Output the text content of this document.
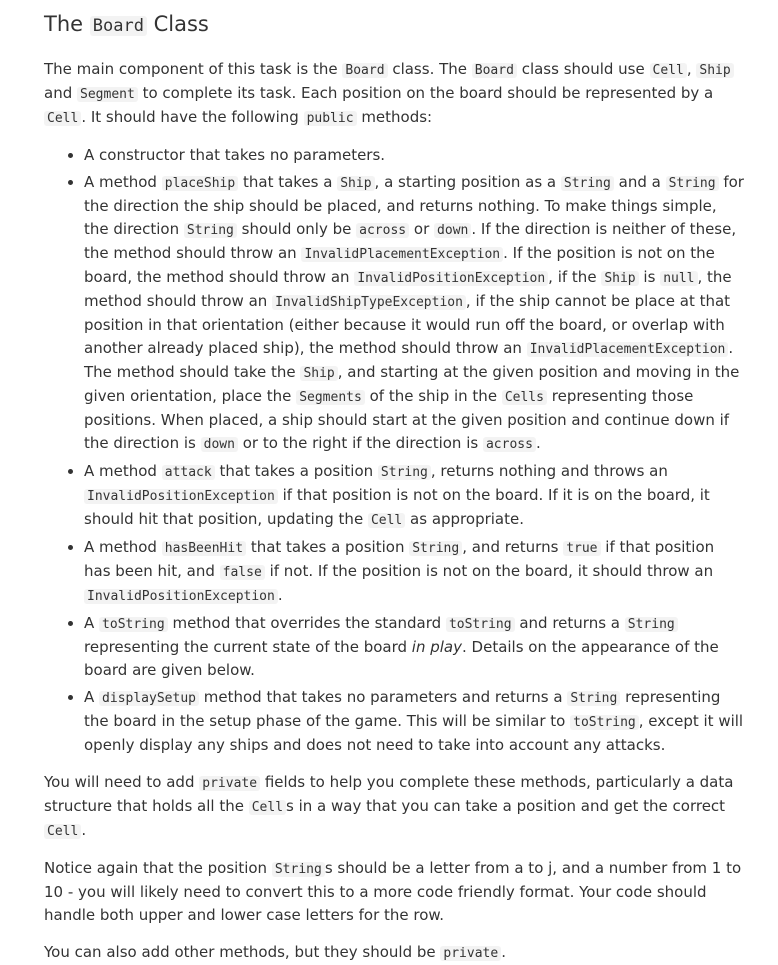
The Board Class

The main component of this task is the Board class. The Board class should use Cell , Ship and Segment to complete its task. Each position on the board should be represented by a Cell . It should have the following public methods:

• A constructor that takes no parameters.
• A method placeShip that takes a Ship , a starting position as a String and a String for the direction the ship should be placed, and returns nothing. To make things simple, the direction String should only be across or down . If the direction is neither of these, the method should throw an InvalidPlacementException . If the position is not on the board, the method should throw an InvalidPositionException , if the Ship is null , the method should throw an InvalidShipTypeException , if the ship cannot be place at that position in that orientation (either because it would run off the board, or overlap with another already placed ship), the method should throw an InvalidPlacementException . The method should take the Ship , and starting at the given position and moving in the given orientation, place the Segments of the ship in the Cells representing those positions. When placed, a ship should start at the given position and continue down if the direction is down or to the right if the direction is across .
• A method attack that takes a position String , returns nothing and throws an InvalidPositionException if that position is not on the board. If it is on the board, it should hit that position, updating the Cell as appropriate.
• A method hasBeenHit that takes a position String , and returns true if that position has been hit, and false if not. If the position is not on the board, it should throw an InvalidPositionException .
• A toString method that overrides the standard toString and returns a String representing the current state of the board in play. Details on the appearance of the board are given below.
• A displaySetup method that takes no parameters and returns a String representing the board in the setup phase of the game. This will be similar to toString , except it will openly display any ships and does not need to take into account any attacks.

You will need to add private fields to help you complete these methods, particularly a data structure that holds all the Cell s in a way that you can take a position and get the correct Cell .

Notice again that the position String s should be a letter from a to j, and a number from 1 to 10 - you will likely need to convert this to a more code friendly format. Your code should handle both upper and lower case letters for the row.

You can also add other methods, but they should be private .
